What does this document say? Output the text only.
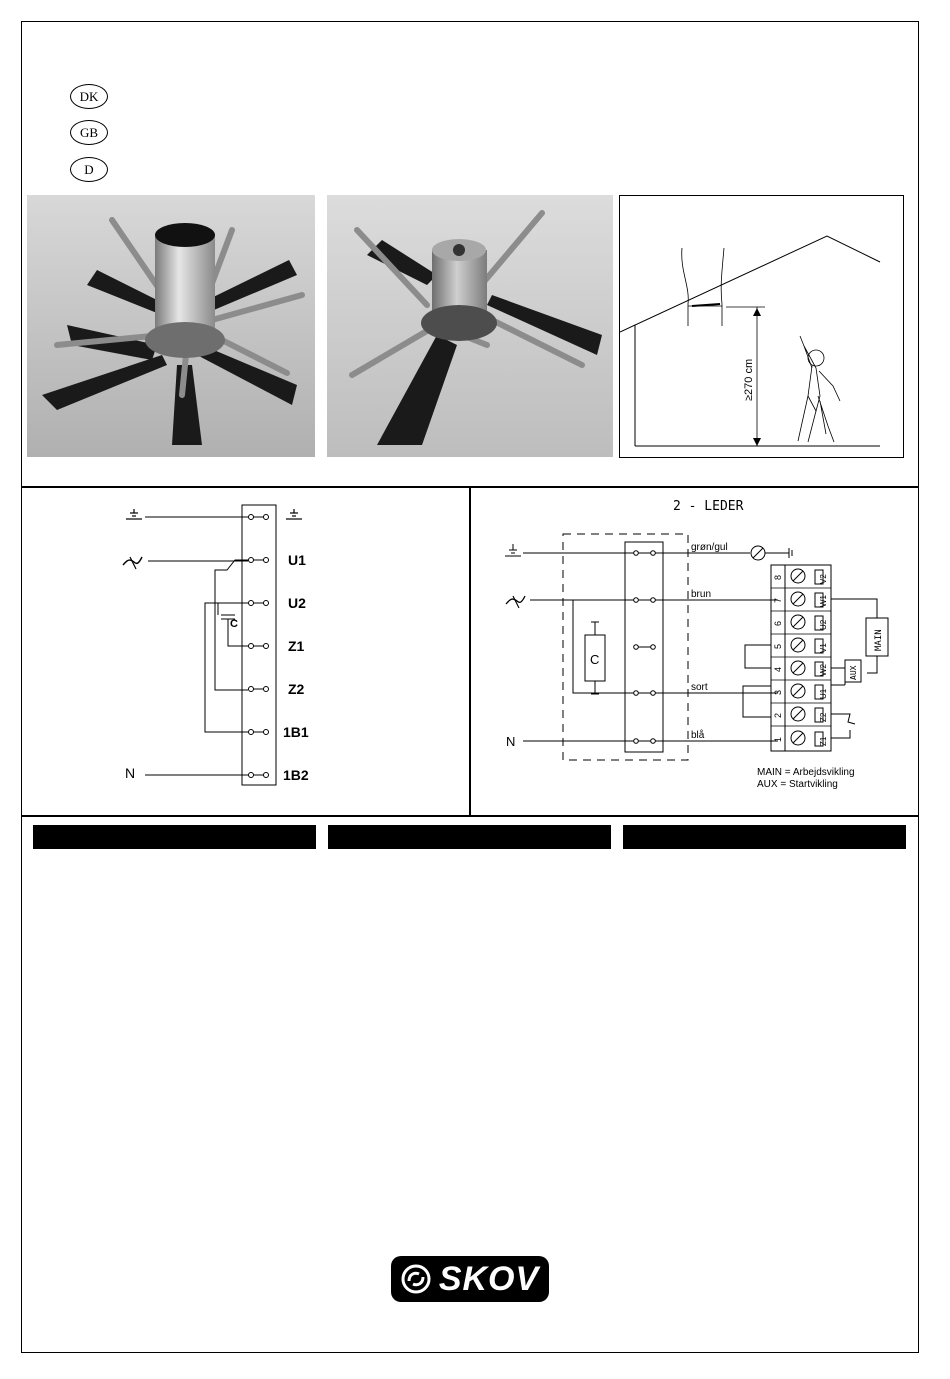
DK
GB
D
≥270 cm
N
C
U1
U2
Z1
Z2
1B1
1B2
2 - LEDER
N
C
grøn/gul
brun
sort
blå
8
7
6
5
4
3
2
1
V2
W1
U2
V1
W2
U1
Z2
Z1
MAIN
AUX
MAIN = Arbejdsvikling
AUX = Startvikling
SKOV
